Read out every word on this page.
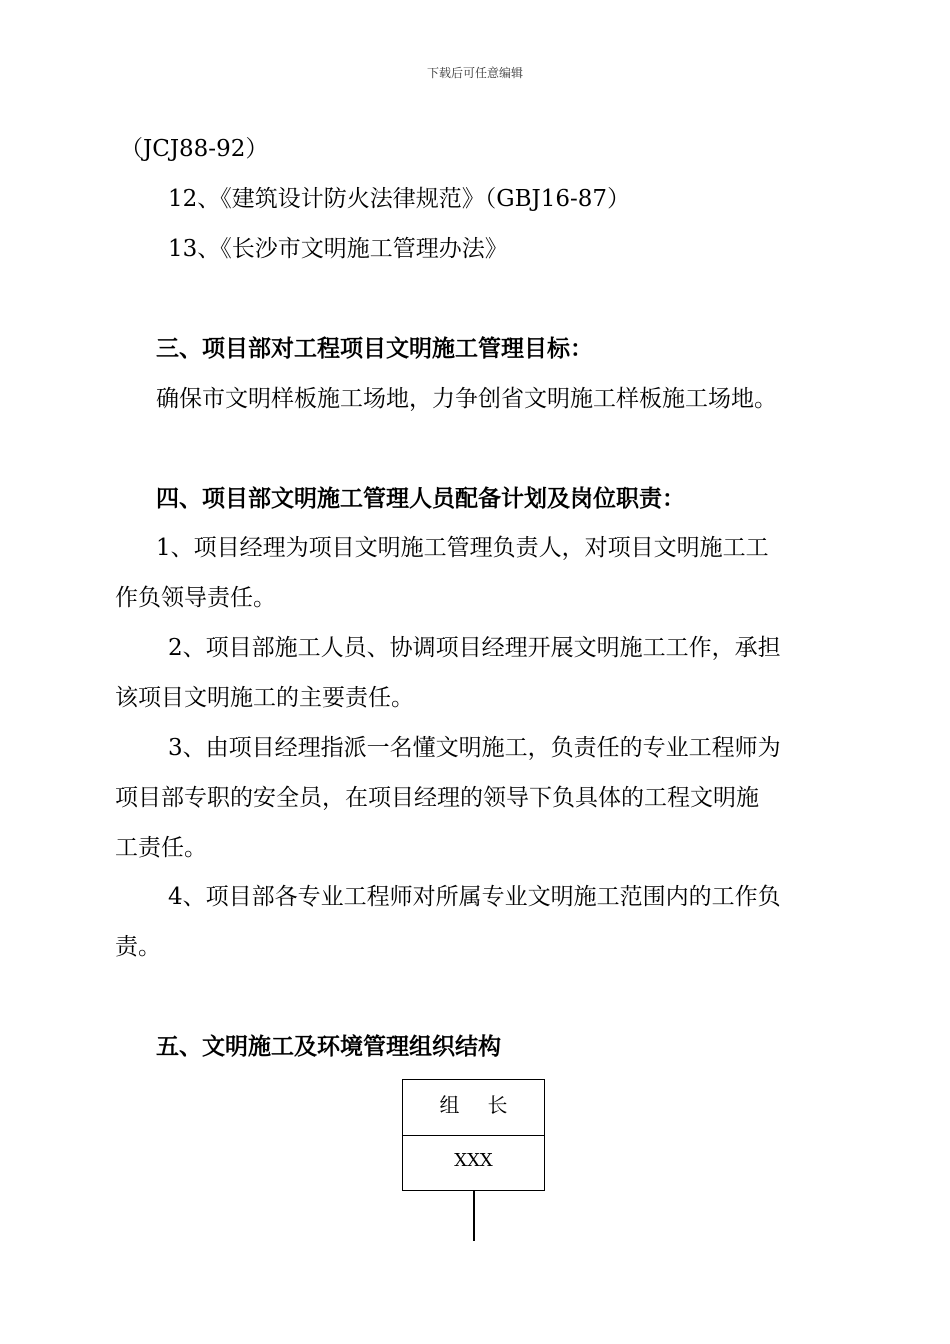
下载后可任意编辑
（JCJ88-92）
12、《建筑设计防火法律规范》（GBJ16-87）
13、《长沙市文明施工管理办法》
三、项目部对工程项目文明施工管理目标：
确保市文明样板施工场地，力争创省文明施工样板施工场地。
四、项目部文明施工管理人员配备计划及岗位职责：
1、项目经理为项目文明施工管理负责人，对项目文明施工工
作负领导责任。
2、项目部施工人员、协调项目经理开展文明施工工作，承担
该项目文明施工的主要责任。
3、由项目经理指派一名懂文明施工，负责任的专业工程师为
项目部专职的安全员，在项目经理的领导下负具体的工程文明施
工责任。
4、项目部各专业工程师对所属专业文明施工范围内的工作负
责。
五、文明施工及环境管理组织结构
组长
XXX
